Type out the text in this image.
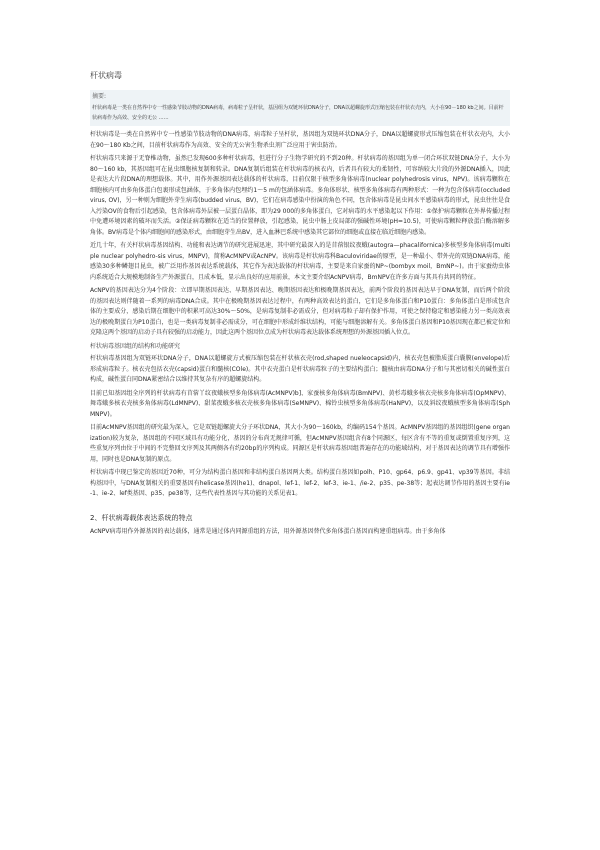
杆状病毒
摘要:
杆状病毒是一类在自然界中专一性感染节肢动物的DNA病毒，病毒粒子呈杆状，基因组为双链环状DNA分子，DNA以超螺旋形式压缩包装在杆状衣壳内，大小在90－180 kb之间。目前杆状病毒作为高效、安全的无公 ……

杆状病毒是一类在自然界中专一性感染节肢动物的DNA病毒，病毒粒子呈杆状，基因组为双链环状DNA分子，DNA以超螺旋形式压缩包装在杆状衣壳内，大小在90～180 Kb之间，目前杆状病毒作为高效、安全的无公害生物杀虫剂广泛应用于害虫防治。

杆状病毒只来源于无脊椎动物，虽然已发现600多种杆状病毒，但进行分子生物学研究的不到20种。杆状病毒的基因组为单一闭合环状双链DNA分子，大小为80～160 kb，其基因组可在昆虫细胞核复制和转录。DNA复制后组装在杆状病毒的核衣内，后者具有较大的柔韧性，可容纳较大片段的外源DNA插入，因此是表达大片段DNA的理想载体。其中，用作外源基因表达载体的杆状病毒，目前仅限于核型多角体病毒(nuclear polyhedrosis virus，NPV)。该病毒颗粒在细胞核内可由多角体蛋白包裹形成包涵体，于多角体内包埋约1～5 m的包涵体病毒。多角体形状、核型多角体病毒有两种形式：一种为包含体病毒(occluded virus, OV)，另一种则为细胞外芽生病毒(budded virus，BV)，它们在病毒感染中扮演的角色不同，包含体病毒是昆虫间水平感染病毒的形式，昆虫往往是食入污染OV的食物后引起感染，包含体病毒外层被一层蛋白晶体，即为29 000的多角体蛋白，它对病毒的水平感染起以下作用：①保护病毒颗粒在外界传播过程中免遭环境因素的破坏而失活。②保证病毒颗粒在适当的位置释放，引起感染，昆虫中肠上皮局部的强碱性环境(pH=10.5)，可使病毒颗粒释放蛋白酶溶解多角体。BV病毒是个体内细胞间的感染形式，由细胞芽生出BV，进入血淋巴系统中感染其它部位的细胞或直接在临近细胞内感染。

近几十年，有关杆状病毒基因结构、功能和表达调节的研究进展迅速，其中研究最深入的是苜蓿银纹夜蛾(autogra—phacalifornica)多核型多角体病毒(multiple nuclear polyhedro-sis virus，MNPV)，简称AcMNPV或AcNPV。该病毒是杆状病毒科Baculoviridae的原型，是一种最小、带外壳的双链DNA病毒，能感染30多种鳞翅目昆虫，被广泛用作基因表达系统载体，其它作为表达载体的杆状病毒，主要是来自家蚕的NP~(bombyx moil，BmNP~)。由于家蚕幼虫体内系统适合大规模地制备生产外源蛋白，且成本低，显示出良好的应用前景，本文主要介绍AcNPV病毒，BmNPV在许多方面与其具有共同的特征。

AcNPV的基因表达分为4个阶段：立即早期基因表达、早期基因表达、晚期基因表达和极晚期基因表达，前两个阶段的基因表达早于DNA复制，而后两个阶段的基因表达则伴随着一系列的病毒DNA合成。其中在极晚期基因表达过程中，有两种高效表达的蛋白，它们是多角体蛋白和P10蛋白：多角体蛋白是形成包含体的主要成分，感染后期在细胞中的积累可高达30%～50%，是病毒复制非必需成分，但对病毒粒子却有保护作用，可使之保持稳定和感染能力另一类高效表达的极晚期蛋白为P10蛋白，也是一类病毒复制非必需成分，可在细胞中形成纤维状结构，可能与细胞溶解有关。多角体蛋白基因和P10基因现在都已被定位和克隆这两个基因的启动子具有较强的启动能力，因此这两个基因位点成为杆状病毒表达载体系统理想的外源基因插入位点。

杆状病毒基因组的结构和功能研究

杆状病毒基因组为双链环状DNA分子，DNA以超螺旋方式被压缩包装在杆状核衣壳(rod,shaped nueleocapsid)内，核衣壳包被脂质蛋白囊膜(envelope)后形成病毒粒子。核衣壳包括衣壳(capsid)蛋白和髓核(COle)。其中衣壳蛋白是杆状病毒粒子的主要结构蛋白；髓核由病毒DNA分子和与其密切相关的碱性蛋白构成，碱性蛋白同DNA紧密结合以维持其复杂有序的超螺旋结构。

目前已知基因组全序列的杆状病毒有苜蓿丫纹夜蛾核型多角体病毒(AcMNPV)b]、家蚕核多角体病毒(BmNPV)、黄杉毒蛾多核衣壳核多角体病毒(OpMNPV)、舞毒蛾多核衣壳核多角体病毒(LdMNPV)、甜菜夜蛾多核衣壳核多角体病毒(SeMNPV)、棉铃虫核型多角体病毒(HaNPV)，以及斜纹夜蛾核型多角体病毒(SphMNPV)。

目前AcMNPV基因组的研究最为深入，它是双链超螺旋大分子环状DNA，其大小为90～160kb，约编码154个基因。AcMNPV基因组的基因组织(gene organization)较为复杂，基因组的不同区域具有功能分化，基因的分布尚无规律可循，但AcMNPV基因组含有8个同源区，每区含有不等的重复或倒置重复序列，这些重复序列由位于中间的不完整回文序列及其两侧各有约20bp的序列构成。同源区是杆状病毒基因组普遍存在的功能域结构，对于基因表达的调节具有增强作用，同时也是DNA复制的原点。

杆状病毒中现已鉴定的基因近70种，可分为结构蛋白基因和非结构蛋白基因两大类。结构蛋白基因如polh、P10、gp64、p6.9、gp41、vp39等基因。非结构基因中，与DNA复制相关的重要基因有helicase基因(he1)、dnapol、lef-1、lef-2、lef-3、ie-1、/ie-2、p35、pe-38等；起表达调节作用的基因主要有ie-1、ie-2、lef类基因、p35、pe38等，这些代表性基因与其功能的关系见表1。

2、杆状病毒载体表达系统的特点

AcNPV病毒用作外源基因的表达载体，通常是通过体内同源重组的方法，用外源基因替代多角体蛋白基因而构建重组病毒。由于多角体
